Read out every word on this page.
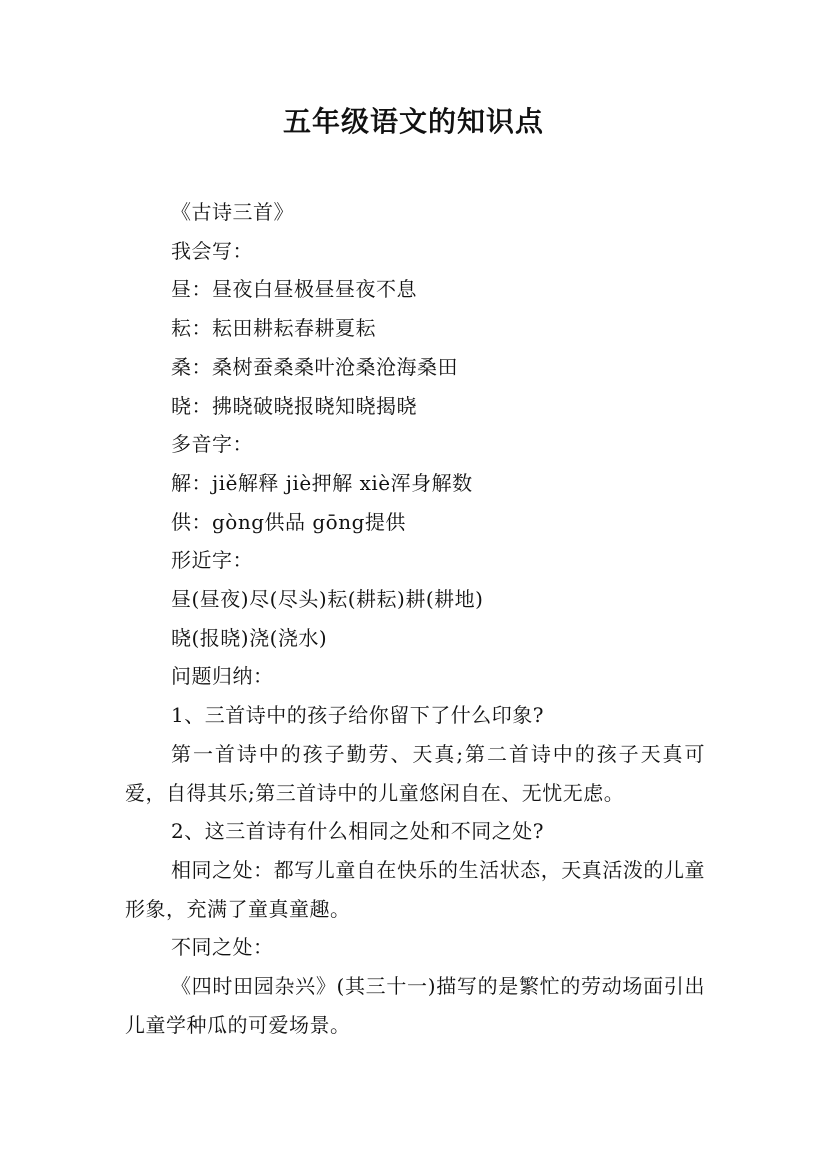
五年级语文的知识点

《古诗三首》

我会写：

昼：昼夜白昼极昼昼夜不息

耘：耘田耕耘春耕夏耘

桑：桑树蚕桑桑叶沧桑沧海桑田

晓：拂晓破晓报晓知晓揭晓

多音字：

解：jiě解释 jiè押解 xiè浑身解数

供：gòng供品 gōng提供

形近字：

昼(昼夜)尽(尽头)耘(耕耘)耕(耕地)

晓(报晓)浇(浇水)

问题归纳：

1、三首诗中的孩子给你留下了什么印象?

第一首诗中的孩子勤劳、天真;第二首诗中的孩子天真可爱，自得其乐;第三首诗中的儿童悠闲自在、无忧无虑。

2、这三首诗有什么相同之处和不同之处?

相同之处：都写儿童自在快乐的生活状态，天真活泼的儿童形象，充满了童真童趣。

不同之处：

《四时田园杂兴》(其三十一)描写的是繁忙的劳动场面引出儿童学种瓜的可爱场景。
